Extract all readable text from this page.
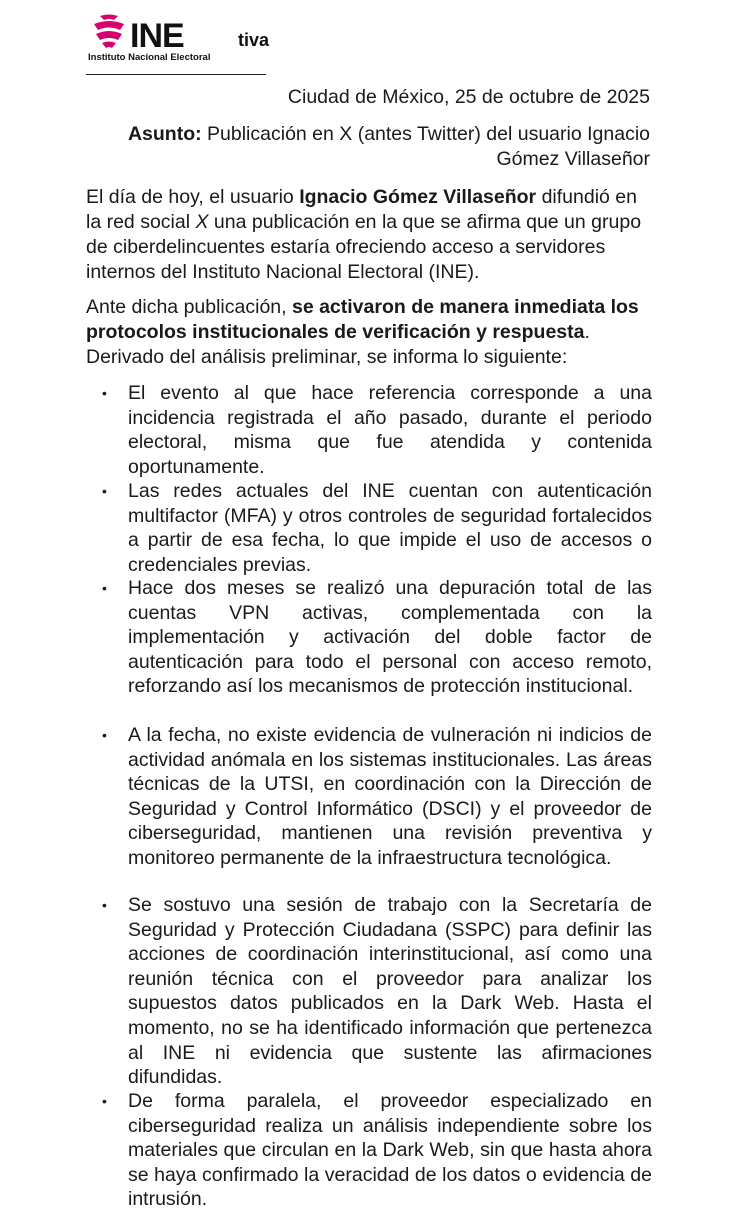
INE	tiva
Instituto Nacional Electoral
Ciudad de México, 25 de octubre de 2025
Asunto: Publicación en X (antes Twitter) del usuario Ignacio Gómez Villaseñor
El día de hoy, el usuario Ignacio Gómez Villaseñor difundió en la red social X una publicación en la que se afirma que un grupo de ciberdelincuentes estaría ofreciendo acceso a servidores internos del Instituto Nacional Electoral (INE).
Ante dicha publicación, se activaron de manera inmediata los protocolos institucionales de verificación y respuesta. Derivado del análisis preliminar, se informa lo siguiente:
• El evento al que hace referencia corresponde a una incidencia registrada el año pasado, durante el periodo electoral, misma que fue atendida y contenida oportunamente.
• Las redes actuales del INE cuentan con autenticación multifactor (MFA) y otros controles de seguridad fortalecidos a partir de esa fecha, lo que impide el uso de accesos o credenciales previas.
• Hace dos meses se realizó una depuración total de las cuentas VPN activas, complementada con la implementación y activación del doble factor de autenticación para todo el personal con acceso remoto, reforzando así los mecanismos de protección institucional.
• A la fecha, no existe evidencia de vulneración ni indicios de actividad anómala en los sistemas institucionales. Las áreas técnicas de la UTSI, en coordinación con la Dirección de Seguridad y Control Informático (DSCI) y el proveedor de ciberseguridad, mantienen una revisión preventiva y monitoreo permanente de la infraestructura tecnológica.
• Se sostuvo una sesión de trabajo con la Secretaría de Seguridad y Protección Ciudadana (SSPC) para definir las acciones de coordinación interinstitucional, así como una reunión técnica con el proveedor para analizar los supuestos datos publicados en la Dark Web. Hasta el momento, no se ha identificado información que pertenezca al INE ni evidencia que sustente las afirmaciones difundidas.
• De forma paralela, el proveedor especializado en ciberseguridad realiza un análisis independiente sobre los materiales que circulan en la Dark Web, sin que hasta ahora se haya confirmado la veracidad de los datos o evidencia de intrusión.
